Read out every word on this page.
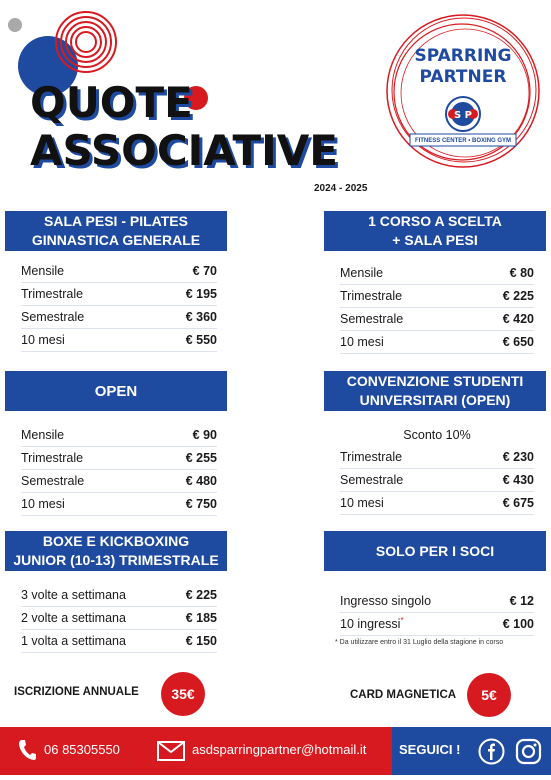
QUOTE
ASSOCIATIVE
2024 - 2025
S P
SPARRING
PARTNER
FITNESS CENTER • BOXING GYM
SALA PESI - PILATES
GINNASTICA GENERALE
Mensile	€ 70
Trimestrale	€ 195
Semestrale	€ 360
10 mesi	€ 550
1 CORSO A SCELTA
+ SALA PESI
Mensile	€ 80
Trimestrale	€ 225
Semestrale	€ 420
10 mesi	€ 650
OPEN
Mensile	€ 90
Trimestrale	€ 255
Semestrale	€ 480
10 mesi	€ 750
CONVENZIONE STUDENTI
UNIVERSITARI (OPEN)
Sconto 10%
Trimestrale	€ 230
Semestrale	€ 430
10 mesi	€ 675
BOXE E KICKBOXING
JUNIOR (10-13) TRIMESTRALE
3 volte a settimana	€ 225
2 volte a settimana	€ 185
1 volta a settimana	€ 150
SOLO PER I SOCI
Ingresso singolo	€ 12
10 ingressi*	€ 100
* Da utilizzare entro il 31 Luglio della stagione in corso
ISCRIZIONE ANNUALE	35€	CARD MAGNETICA	5€
06 85305550	asdsparringpartner@hotmail.it	SEGUICI !
